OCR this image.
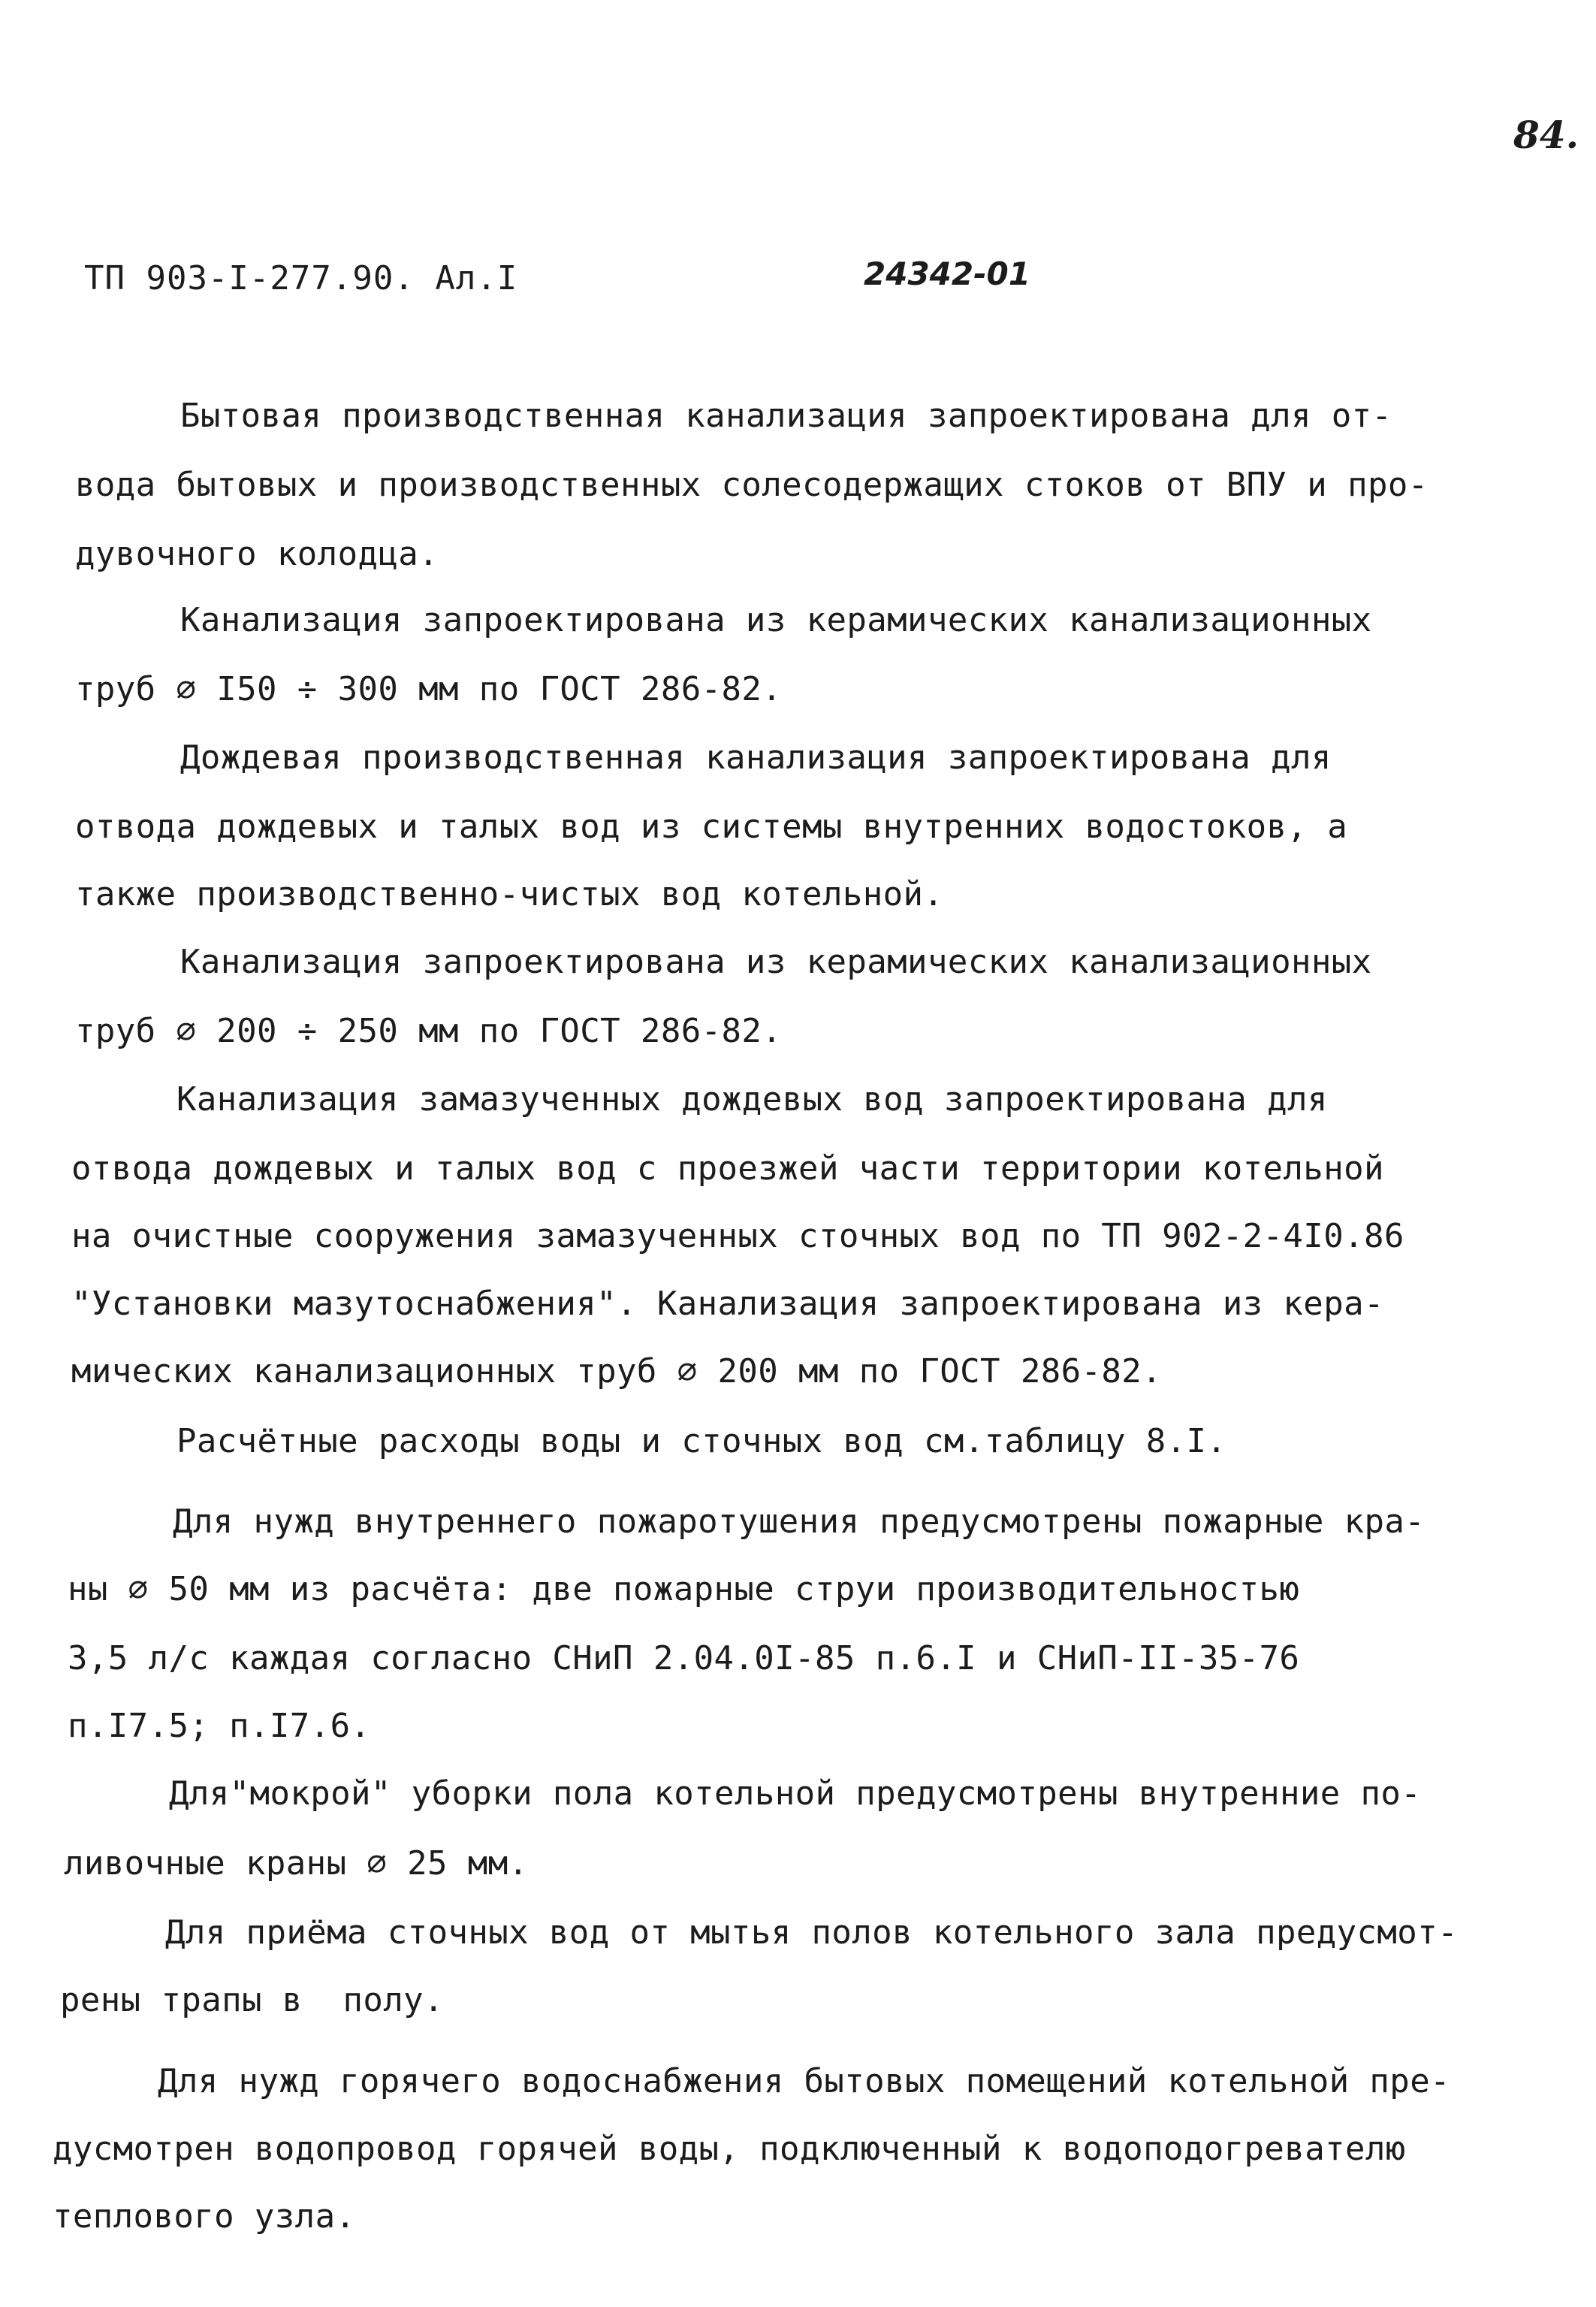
84.
ТП 903-I-277.90. Ал.I	24342-01
Бытовая производственная канализация запроектирована для от-
вода бытовых и производственных солесодержащих стоков от ВПУ и про-
дувочного колодца.
Канализация запроектирована из керамических канализационных
труб ∅ I50 ÷ 300 мм по ГОСТ 286-82.
Дождевая производственная канализация запроектирована для
отвода дождевых и талых вод из системы внутренних водостоков, а
также производственно-чистых вод котельной.
Канализация запроектирована из керамических канализационных
труб ∅ 200 ÷ 250 мм по ГОСТ 286-82.
Канализация замазученных дождевых вод запроектирована для
отвода дождевых и талых вод с проезжей части территории котельной
на очистные сооружения замазученных сточных вод по ТП 902-2-4I0.86
"Установки мазутоснабжения". Канализация запроектирована из кера-
мических канализационных труб ∅ 200 мм по ГОСТ 286-82.
Расчётные расходы воды и сточных вод см.таблицу 8.I.
Для нужд внутреннего пожаротушения предусмотрены пожарные кра-
ны ∅ 50 мм из расчёта: две пожарные струи производительностью
3,5 л/с каждая согласно СНиП 2.04.0I-85 п.6.I и СНиП-II-35-76
п.I7.5; п.I7.6.
Для"мокрой" уборки пола котельной предусмотрены внутренние по-
ливочные краны ∅ 25 мм.
Для приёма сточных вод от мытья полов котельного зала предусмот-
рены трапы в  полу.
Для нужд горячего водоснабжения бытовых помещений котельной пре-
дусмотрен водопровод горячей воды, подключенный к водоподогревателю
теплового узла.
